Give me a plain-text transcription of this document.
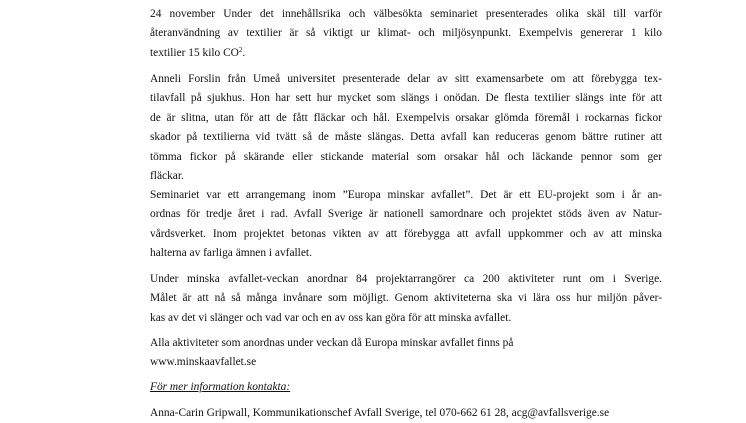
24 november Under det innehållsrika och välbesökta seminariet presenterades olika skäl till varför
återanvändning av textilier är så viktigt ur klimat- och miljösynpunkt. Exempelvis genererar 1 kilo
textilier 15 kilo $CO^2$.

Anneli Forslin från Umeå universitet presenterade delar av sitt examensarbete om att förebygga tex-
tilavfall på sjukhus. Hon har sett hur mycket som slängs i onödan. De flesta textilier slängs inte för att
de är slitna, utan för att de fått fläckar och hål. Exempelvis orsakar glömda föremål i rockarnas fickor
skador på textilierna vid tvätt så de måste slängas. Detta avfall kan reduceras genom bättre rutiner att
tömma fickor på skärande eller stickande material som orsakar hål och läckande pennor som ger
fläckar.

Seminariet var ett arrangemang inom ”Europa minskar avfallet”. Det är ett EU-projekt som i år an-
ordnas för tredje året i rad. Avfall Sverige är nationell samordnare och projektet stöds även av Natur-
vårdsverket. Inom projektet betonas vikten av att förebygga att avfall uppkommer och av att minska
halterna av farliga ämnen i avfallet.

Under minska avfallet-veckan anordnar 84 projektarrangörer ca 200 aktiviteter runt om i Sverige.
Målet är att nå så många invånare som möjligt. Genom aktiviteterna ska vi lära oss hur miljön påver-
kas av det vi slänger och vad var och en av oss kan göra för att minska avfallet.

Alla aktiviteter som anordnas under veckan då Europa minskar avfallet finns på
www.minskaavfallet.se

För mer information kontakta:

Anna-Carin Gripwall, Kommunikationschef Avfall Sverige, tel 070-662 61 28, acg@avfallsverige.se
